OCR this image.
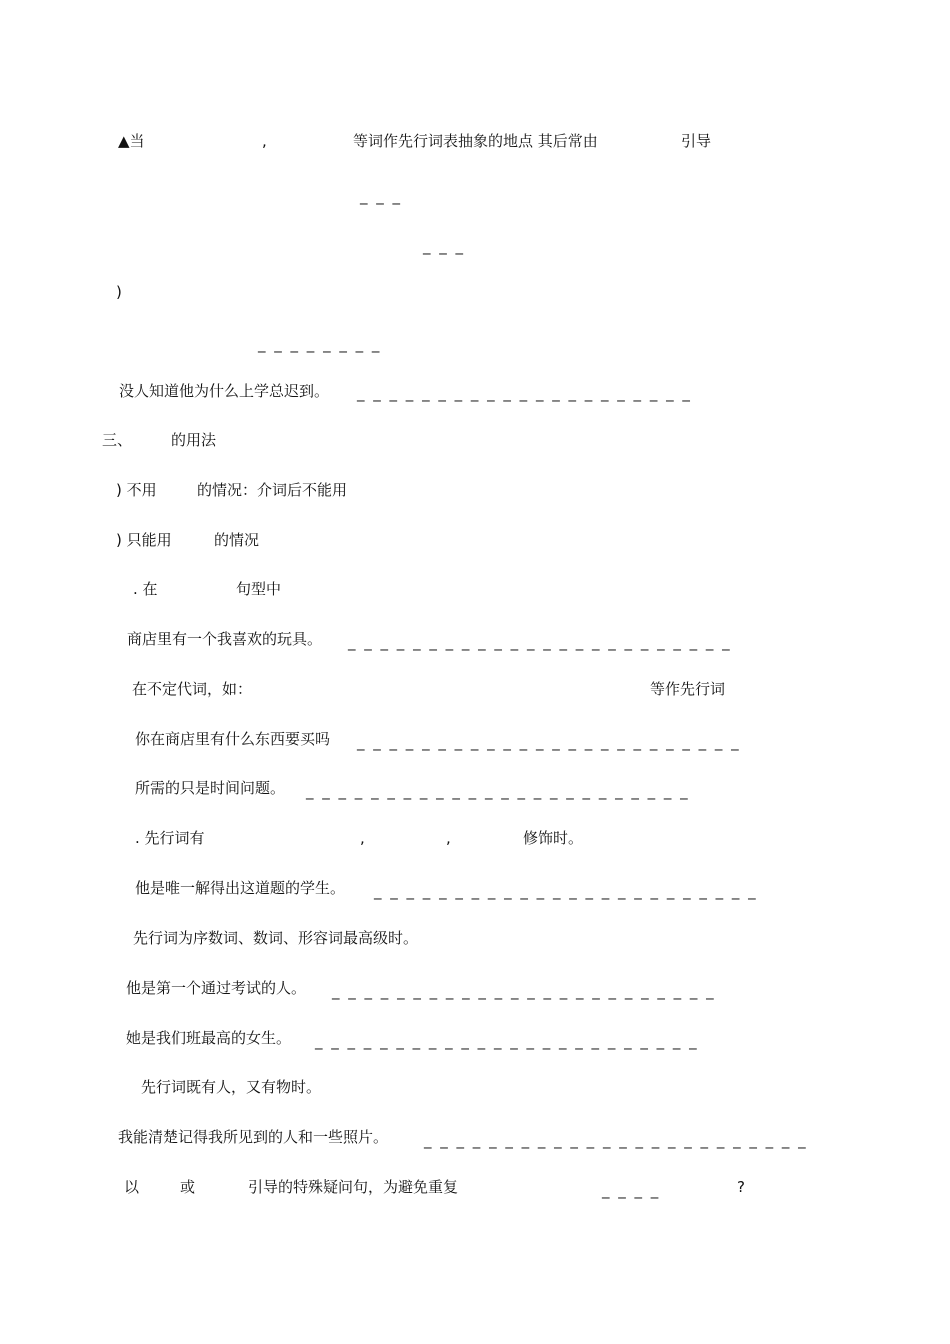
▲当	,	等词作先行词表抽象的地点 其后常由	引导
_ _ _
_ _ _
)
_ _ _ _ _ _ _ _
没人知道他为什么上学总迟到。 _ _ _ _ _ _ _ _ _ _ _ _ _ _ _ _ _ _ _ _ _
三、	的用法
) 不用	的情况：介词后不能用
) 只能用	的情况
. 在	句型中
商店里有一个我喜欢的玩具。 _ _ _ _ _ _ _ _ _ _ _ _ _ _ _ _ _ _ _ _ _ _ _ _
在不定代词，如：	等作先行词
你在商店里有什么东西要买吗 _ _ _ _ _ _ _ _ _ _ _ _ _ _ _ _ _ _ _ _ _ _ _ _
所需的只是时间问题。 _ _ _ _ _ _ _ _ _ _ _ _ _ _ _ _ _ _ _ _ _ _ _ _
. 先行词有	,	,	修饰时。
他是唯一解得出这道题的学生。 _ _ _ _ _ _ _ _ _ _ _ _ _ _ _ _ _ _ _ _ _ _ _ _
先行词为序数词、数词、形容词最高级时。
他是第一个通过考试的人。 _ _ _ _ _ _ _ _ _ _ _ _ _ _ _ _ _ _ _ _ _ _ _ _
她是我们班最高的女生。 _ _ _ _ _ _ _ _ _ _ _ _ _ _ _ _ _ _ _ _ _ _ _ _
先行词既有人，又有物时。
我能清楚记得我所见到的人和一些照片。 _ _ _ _ _ _ _ _ _ _ _ _ _ _ _ _ _ _ _ _ _ _ _ _
以	或	引导的特殊疑问句，为避免重复	_ _ _ _	?
